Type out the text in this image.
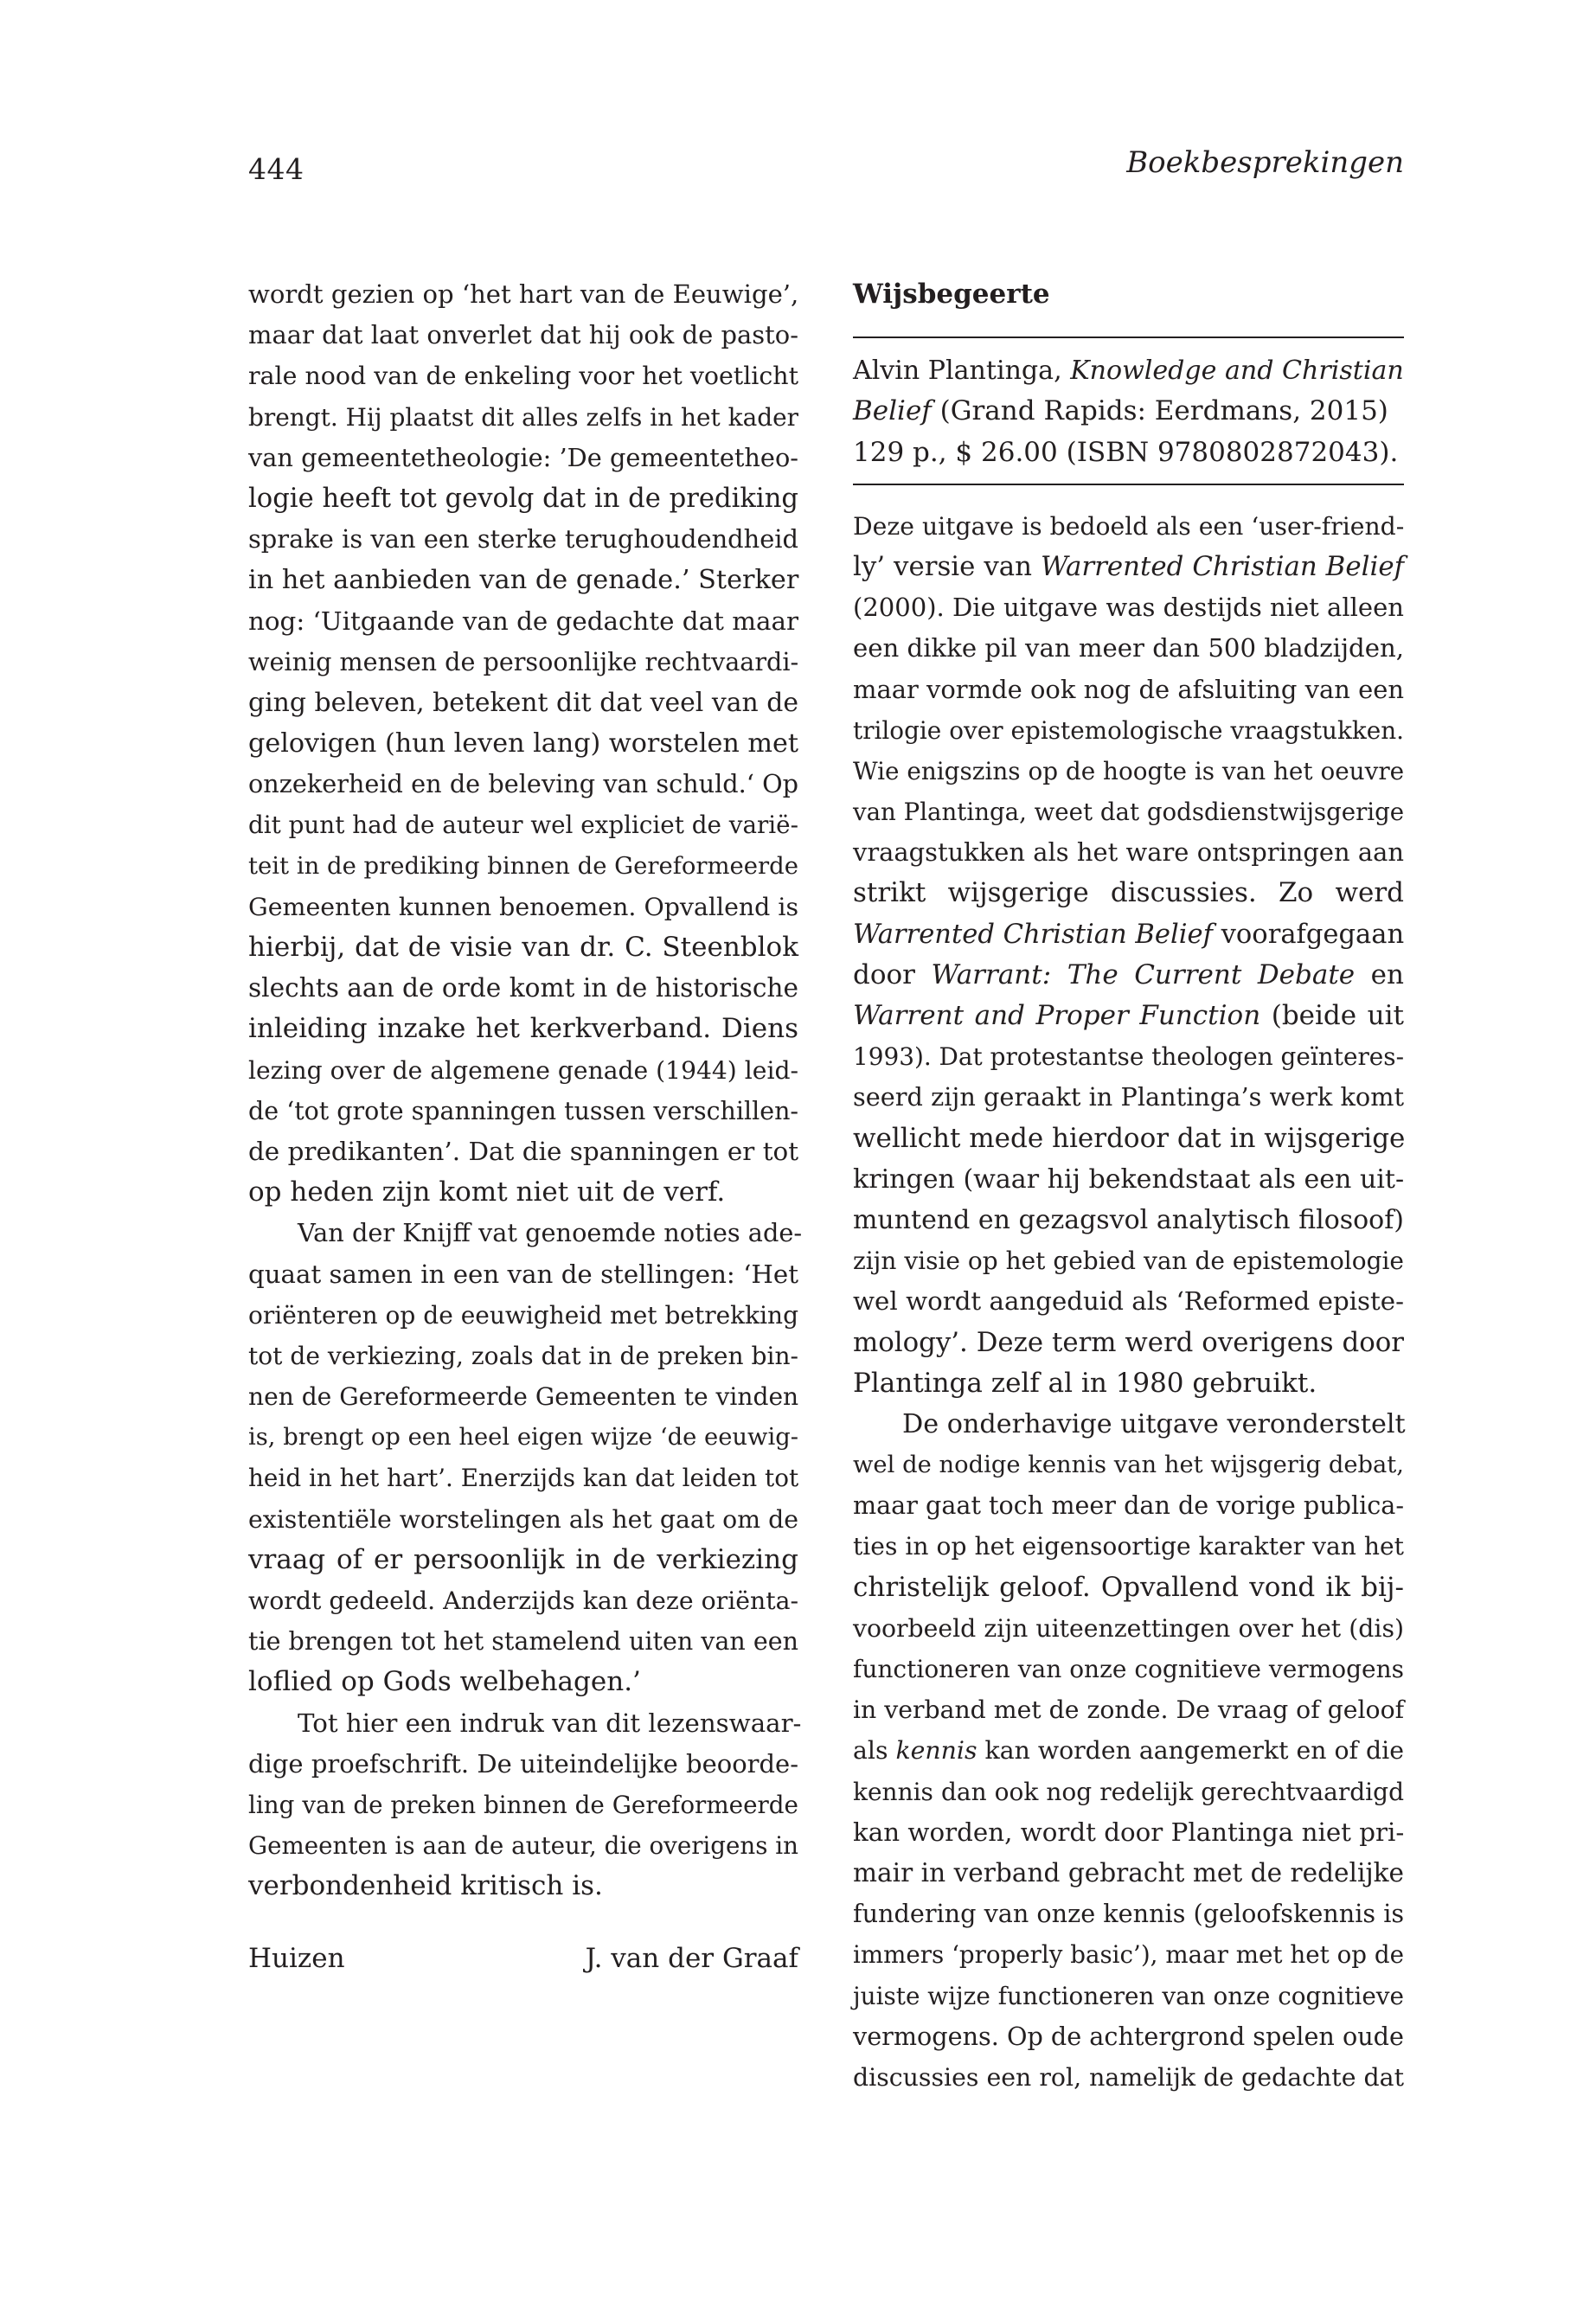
444	Boekbesprekingen
wordt gezien op ‘het hart van de Eeuwige’,
maar dat laat onverlet dat hij ook de pasto-
rale nood van de enkeling voor het voetlicht
brengt. Hij plaatst dit alles zelfs in het kader
van gemeentetheologie: ’De gemeentetheo-
logie heeft tot gevolg dat in de prediking
sprake is van een sterke terughoudendheid
in het aanbieden van de genade.’ Sterker
nog: ‘Uitgaande van de gedachte dat maar
weinig mensen de persoonlijke rechtvaardi-
ging beleven, betekent dit dat veel van de
gelovigen (hun leven lang) worstelen met
onzekerheid en de beleving van schuld.‘ Op
dit punt had de auteur wel expliciet de varië-
teit in de prediking binnen de Gereformeerde
Gemeenten kunnen benoemen. Opvallend is
hierbij, dat de visie van dr. C. Steenblok
slechts aan de orde komt in de historische
inleiding inzake het kerkverband. Diens
lezing over de algemene genade (1944) leid-
de ‘tot grote spanningen tussen verschillen-
de predikanten’. Dat die spanningen er tot
op heden zijn komt niet uit de verf.
Van der Knijff vat genoemde noties ade-
quaat samen in een van de stellingen: ‘Het
oriënteren op de eeuwigheid met betrekking
tot de verkiezing, zoals dat in de preken bin-
nen de Gereformeerde Gemeenten te vinden
is, brengt op een heel eigen wijze ‘de eeuwig-
heid in het hart’. Enerzijds kan dat leiden tot
existentiële worstelingen als het gaat om de
vraag of er persoonlijk in de verkiezing
wordt gedeeld. Anderzijds kan deze oriënta-
tie brengen tot het stamelend uiten van een
loflied op Gods welbehagen.’
Tot hier een indruk van dit lezenswaar-
dige proefschrift. De uiteindelijke beoorde-
ling van de preken binnen de Gereformeerde
Gemeenten is aan de auteur, die overigens in
verbondenheid kritisch is.
Huizen	J. van der Graaf
Wijsbegeerte
Alvin Plantinga, Knowledge and Christian
Belief (Grand Rapids: Eerdmans, 2015)
129 p., $ 26.00 (ISBN 9780802872043).
Deze uitgave is bedoeld als een ‘user-friend-
ly’ versie van Warrented Christian Belief
(2000). Die uitgave was destijds niet alleen
een dikke pil van meer dan 500 bladzijden,
maar vormde ook nog de afsluiting van een
trilogie over epistemologische vraagstukken.
Wie enigszins op de hoogte is van het oeuvre
van Plantinga, weet dat godsdienstwijsgerige
vraagstukken als het ware ontspringen aan
strikt wijsgerige discussies. Zo werd
Warrented Christian Belief voorafgegaan
door Warrant: The Current Debate en
Warrent and Proper Function (beide uit
1993). Dat protestantse theologen geïnteres-
seerd zijn geraakt in Plantinga’s werk komt
wellicht mede hierdoor dat in wijsgerige
kringen (waar hij bekendstaat als een uit-
muntend en gezagsvol analytisch filosoof)
zijn visie op het gebied van de epistemologie
wel wordt aangeduid als ‘Reformed episte-
mology’. Deze term werd overigens door
Plantinga zelf al in 1980 gebruikt.
De onderhavige uitgave veronderstelt
wel de nodige kennis van het wijsgerig debat,
maar gaat toch meer dan de vorige publica-
ties in op het eigensoortige karakter van het
christelijk geloof. Opvallend vond ik bij-
voorbeeld zijn uiteenzettingen over het (dis)
functioneren van onze cognitieve vermogens
in verband met de zonde. De vraag of geloof
als kennis kan worden aangemerkt en of die
kennis dan ook nog redelijk gerechtvaardigd
kan worden, wordt door Plantinga niet pri-
mair in verband gebracht met de redelijke
fundering van onze kennis (geloofskennis is
immers ‘properly basic’), maar met het op de
juiste wijze functioneren van onze cognitieve
vermogens. Op de achtergrond spelen oude
discussies een rol, namelijk de gedachte dat
